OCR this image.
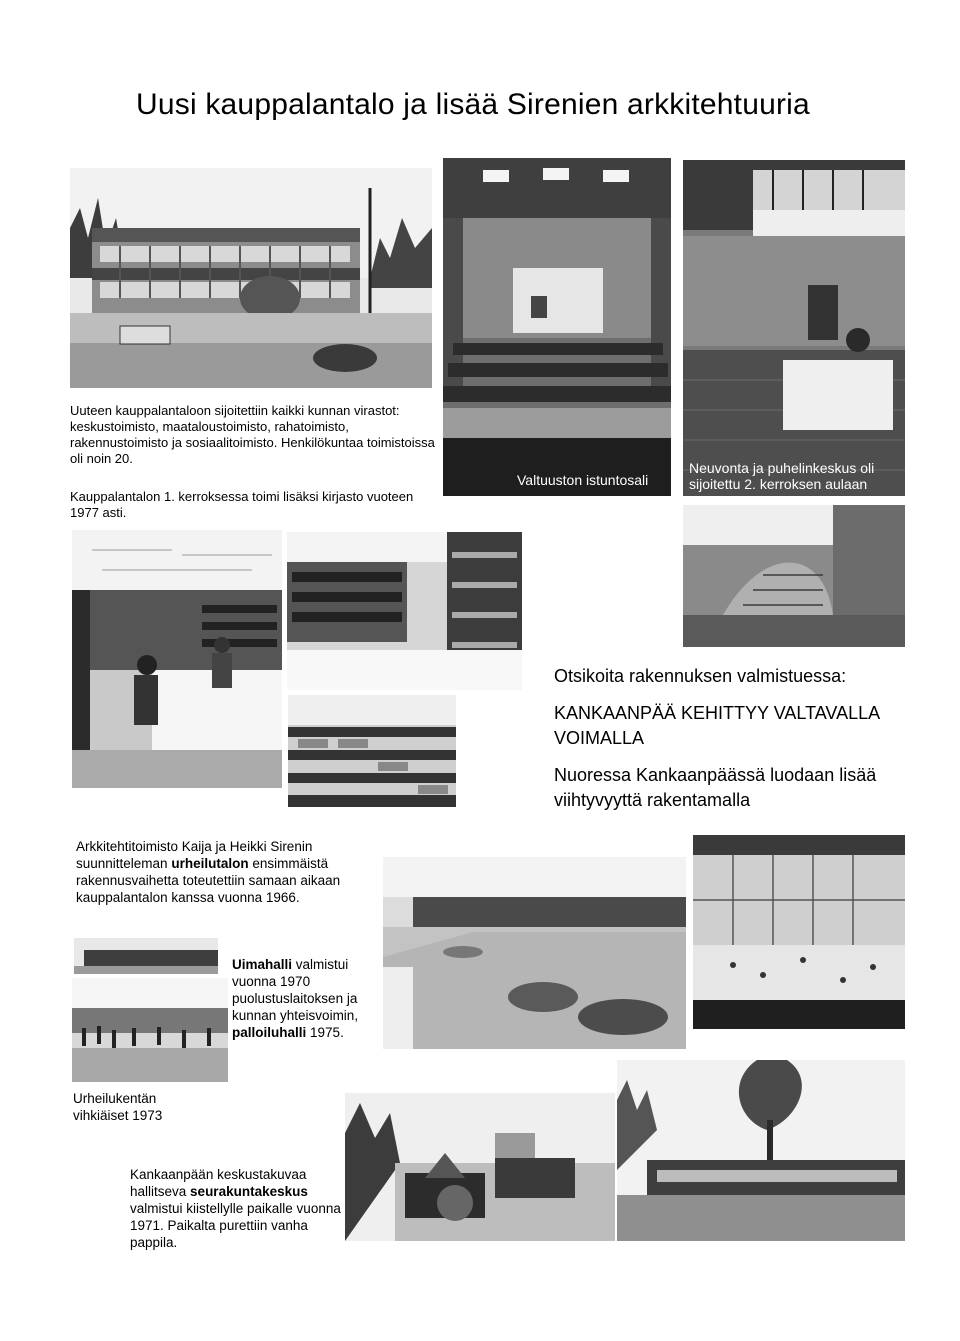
Uusi kauppalantalo ja lisää Sirenien arkkitehtuuria

Uuteen kauppalantaloon sijoitettiin kaikki kunnan virastot: keskustoimisto, maataloustoimisto, rahatoimisto, rakennustoimisto ja sosiaalitoimisto. Henkilökuntaa toimistoissa oli noin 20.

Kauppalantalon 1. kerroksessa toimi lisäksi kirjasto vuoteen 1977 asti.

Valtuuston istuntosali
Neuvonta ja puhelinkeskus oli sijoitettu 2. kerroksen aulaan
Otsikoita rakennuksen valmistuessa:
KANKAANPÄÄ KEHITTYY VALTAVALLA VOIMALLA
Nuoressa Kankaanpäässä luodaan lisää viihtyvyyttä rakentamalla
Arkkitehtitoimisto Kaija ja Heikki Sirenin suunnitteleman urheilutalon ensimmäistä rakennusvaihetta toteutettiin samaan aikaan kauppalantalon kanssa vuonna 1966.
Uimahalli valmistui vuonna 1970 puolustuslaitoksen ja kunnan yhteisvoimin, palloiluhalli 1975.
Urheilukentän vihkiäiset 1973
Kankaanpään keskustakuvaa hallitseva seurakuntakeskus valmistui kiistellylle paikalle vuonna 1971. Paikalta purettiin vanha pappila.
